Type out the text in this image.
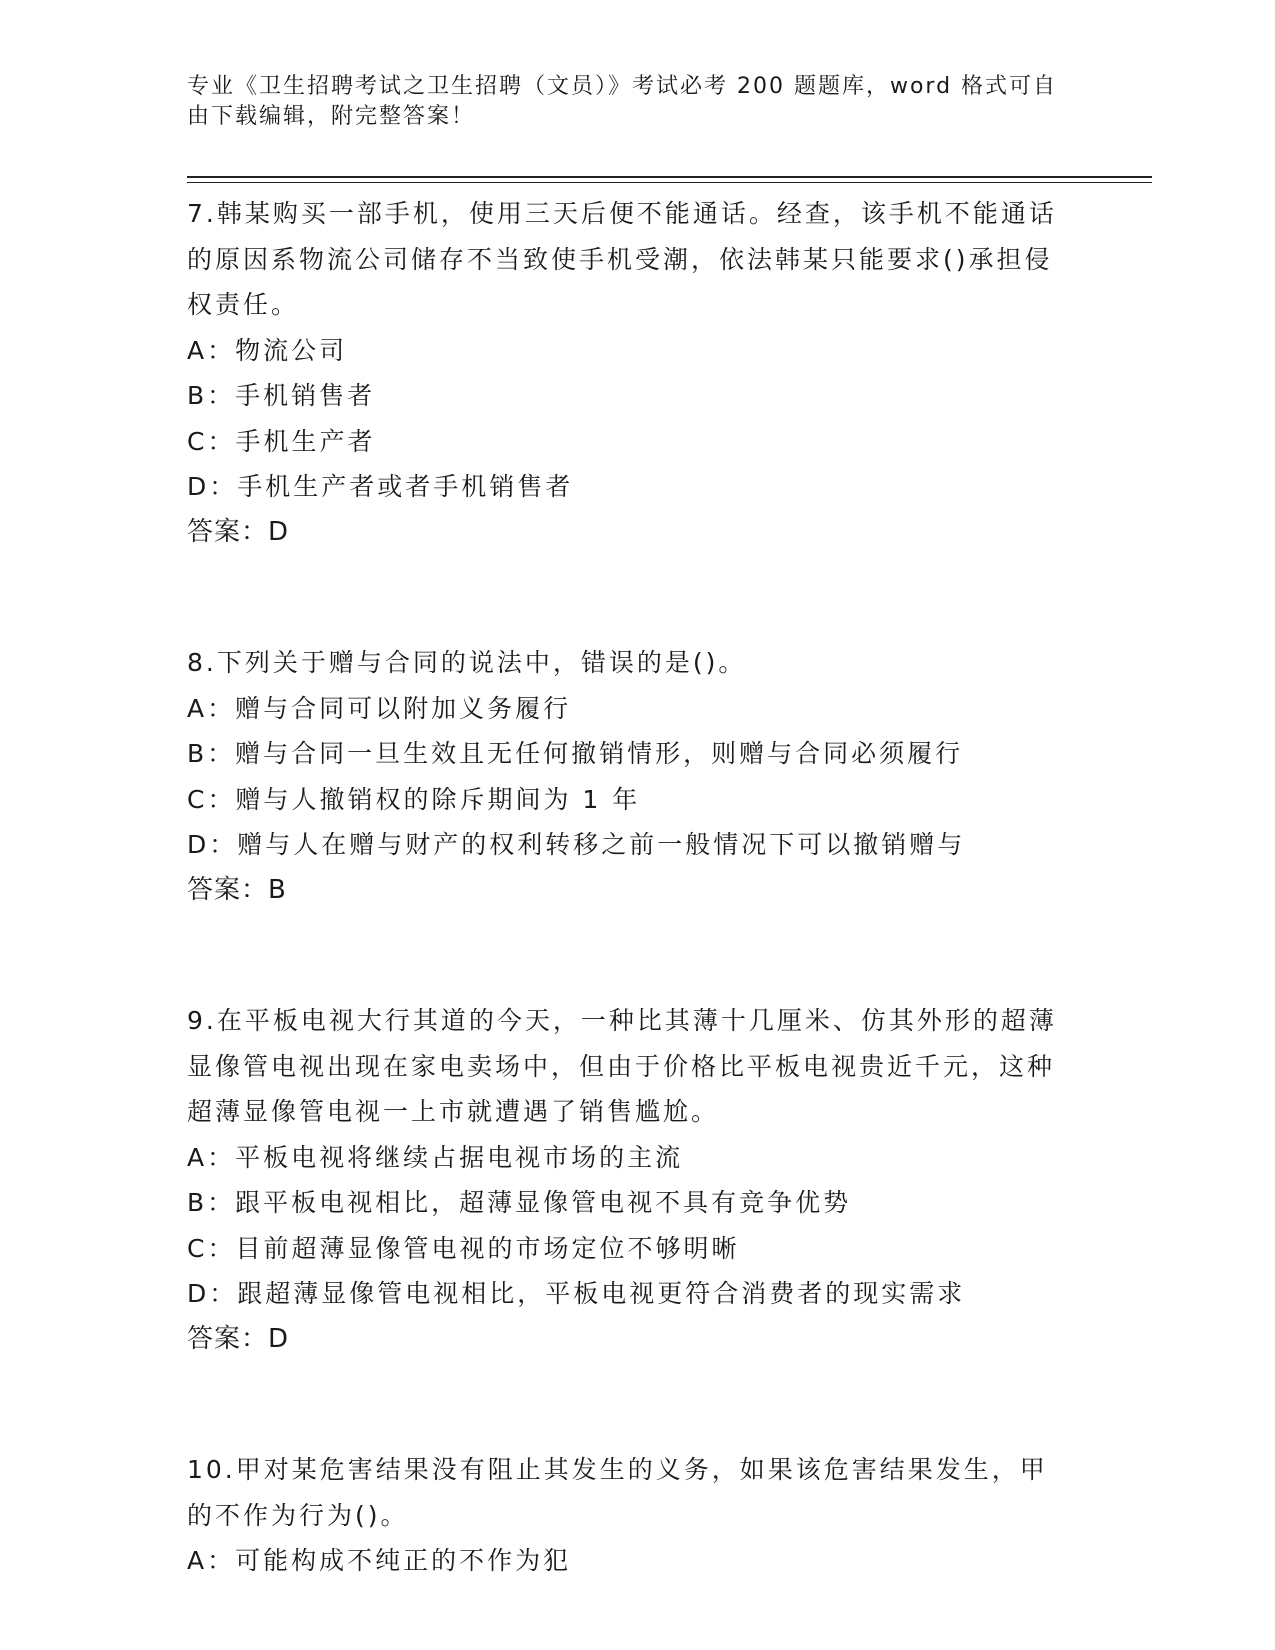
专业《卫生招聘考试之卫生招聘（文员）》考试必考 200 题题库，word 格式可自由下载编辑，附完整答案！
7.韩某购买一部手机，使用三天后便不能通话。经查，该手机不能通话的原因系物流公司储存不当致使手机受潮，依法韩某只能要求()承担侵权责任。
A：物流公司
B：手机销售者
C：手机生产者
D：手机生产者或者手机销售者
答案：D
8.下列关于赠与合同的说法中，错误的是()。
A：赠与合同可以附加义务履行
B：赠与合同一旦生效且无任何撤销情形，则赠与合同必须履行
C：赠与人撤销权的除斥期间为 1 年
D：赠与人在赠与财产的权利转移之前一般情况下可以撤销赠与
答案：B
9.在平板电视大行其道的今天，一种比其薄十几厘米、仿其外形的超薄显像管电视出现在家电卖场中，但由于价格比平板电视贵近千元，这种超薄显像管电视一上市就遭遇了销售尴尬。
A：平板电视将继续占据电视市场的主流
B：跟平板电视相比，超薄显像管电视不具有竞争优势
C：目前超薄显像管电视的市场定位不够明晰
D：跟超薄显像管电视相比，平板电视更符合消费者的现实需求
答案：D
10.甲对某危害结果没有阻止其发生的义务，如果该危害结果发生，甲的不作为行为()。
A：可能构成不纯正的不作为犯
